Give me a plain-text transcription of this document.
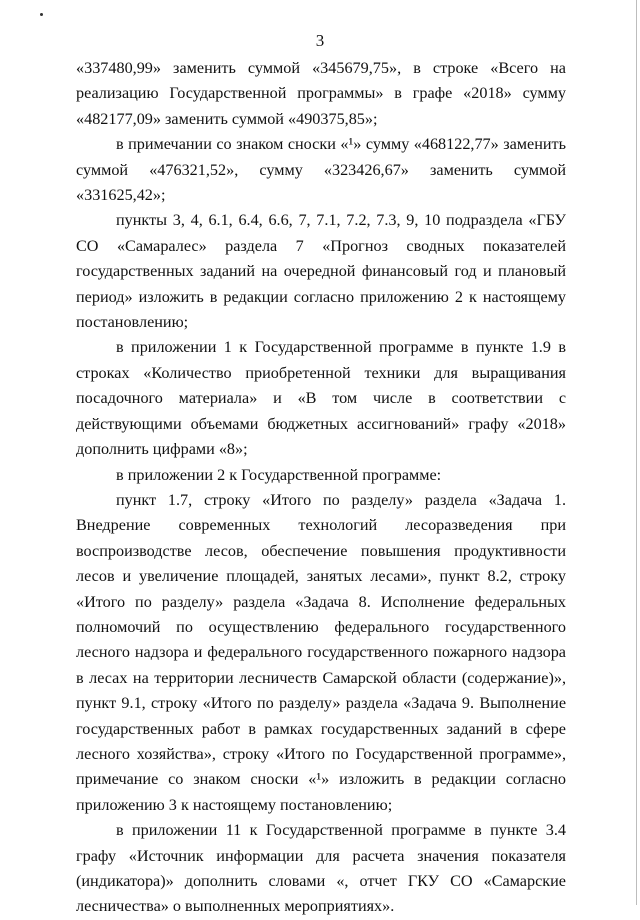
3

«337480,99» заменить суммой «345679,75», в строке «Всего на реализацию Государственной программы» в графе «2018» сумму «482177,09» заменить суммой «490375,85»;

в примечании со знаком сноски «¹» сумму «468122,77» заменить суммой «476321,52», сумму «323426,67» заменить суммой «331625,42»;

пункты 3, 4, 6.1, 6.4, 6.6, 7, 7.1, 7.2, 7.3, 9, 10 подраздела «ГБУ СО «Самаралес» раздела 7 «Прогноз сводных показателей государственных заданий на очередной финансовый год и плановый период» изложить в редакции согласно приложению 2 к настоящему постановлению;

в приложении 1 к Государственной программе в пункте 1.9 в строках «Количество приобретенной техники для выращивания посадочного материала» и «В том числе в соответствии с действующими объемами бюджетных ассигнований» графу «2018» дополнить цифрами «8»;

в приложении 2 к Государственной программе:

пункт 1.7, строку «Итого по разделу» раздела «Задача 1. Внедрение современных технологий лесоразведения при воспроизводстве лесов, обеспечение повышения продуктивности лесов и увеличение площадей, занятых лесами», пункт 8.2, строку «Итого по разделу» раздела «Задача 8. Исполнение федеральных полномочий по осуществлению федерального государственного лесного надзора и федерального государственного пожарного надзора в лесах на территории лесничеств Самарской области (содержание)», пункт 9.1, строку «Итого по разделу» раздела «Задача 9. Выполнение государственных работ в рамках государственных заданий в сфере лесного хозяйства», строку «Итого по Государственной программе», примечание со знаком сноски «¹» изложить в редакции согласно приложению 3 к настоящему постановлению;

в приложении 11 к Государственной программе в пункте 3.4 графу «Источник информации для расчета значения показателя (индикатора)» дополнить словами «, отчет ГКУ СО «Самарские лесничества» о выполненных мероприятиях».
